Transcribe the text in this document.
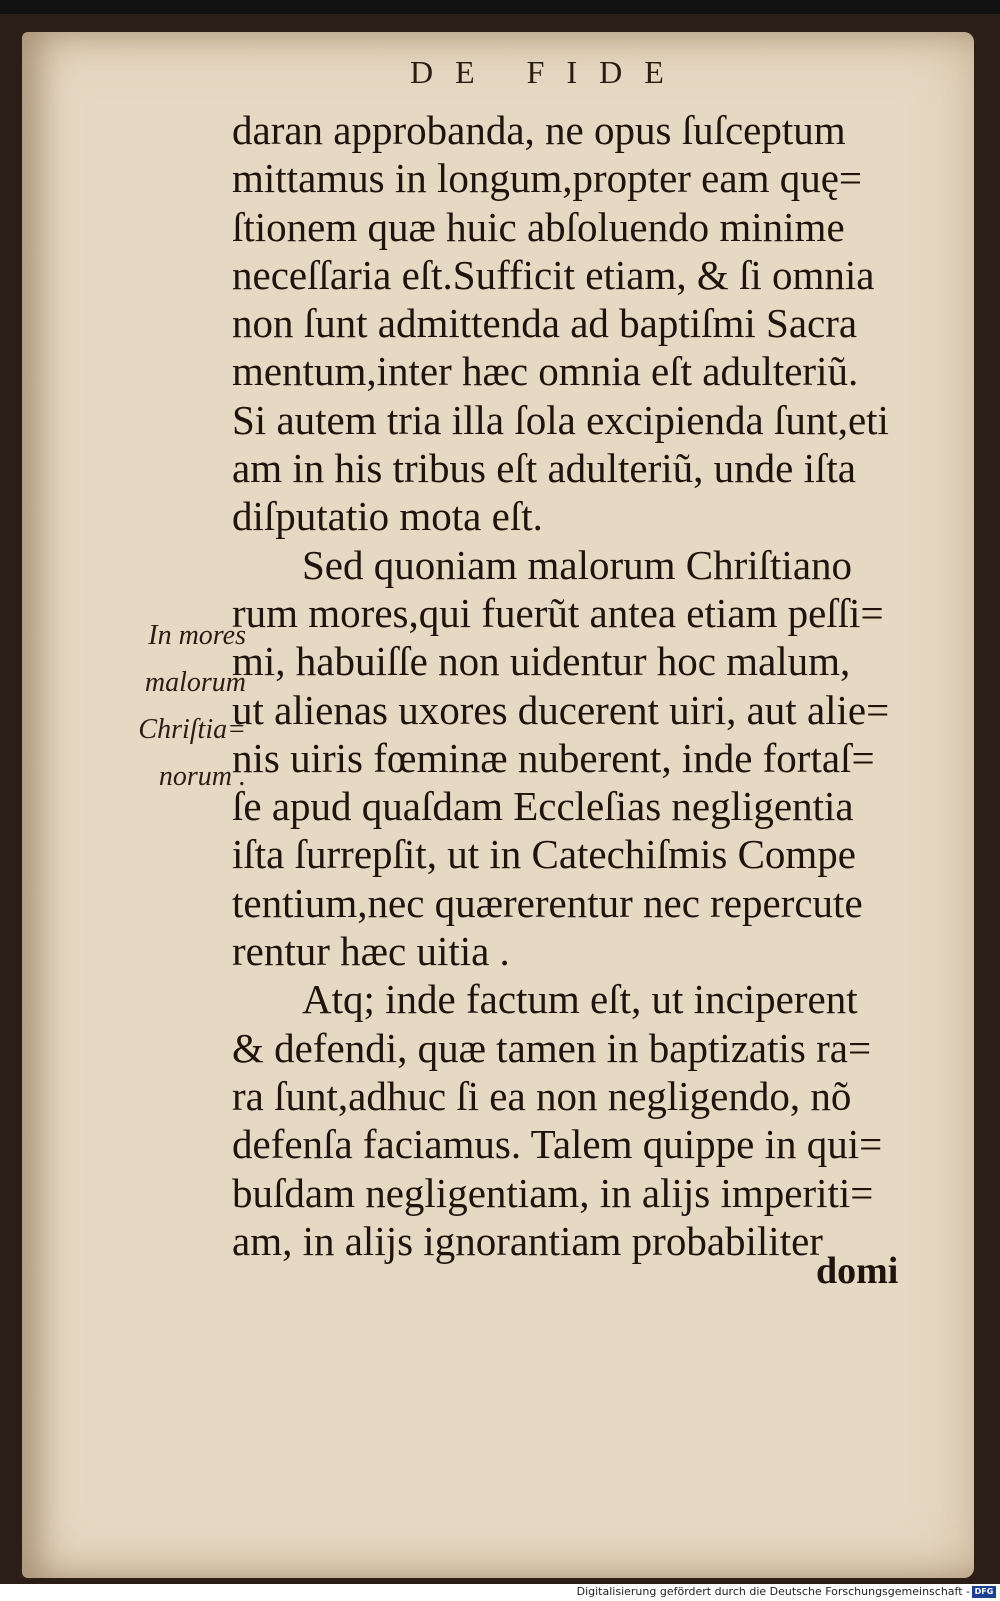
DE FIDE
daran approbanda, ne opus ſuſceptum
mittamus in longum,propter eam quę=
ſtionem quæ huic abſoluendo minime
neceſſaria eſt.Sufficit etiam, & ſi omnia
non ſunt admittenda ad baptiſmi Sacra
mentum,inter hæc omnia eſt adulteriũ.
Si autem tria illa ſola excipienda ſunt,eti
am in his tribus eſt adulteriũ, unde iſta
diſputatio mota eſt.
Sed quoniam malorum Chriſtiano
rum mores,qui fuerũt antea etiam peſſi=
mi, habuiſſe non uidentur hoc malum,
ut alienas uxores ducerent uiri, aut alie=
nis uiris fœminæ nuberent, inde fortaſ=
ſe apud quaſdam Eccleſias negligentia
iſta ſurrepſit, ut in Catechiſmis Compe
tentium,nec quærerentur nec repercute
rentur hæc uitia .
Atq; inde factum eſt, ut inciperent
& defendi, quæ tamen in baptizatis ra=
ra ſunt,adhuc ſi ea non negligendo, nõ
defenſa faciamus. Talem quippe in qui=
buſdam negligentiam, in alijs imperiti=
am, in alijs ignorantiam probabiliter
domi
In mores
malorum
Chriſtia=
norum .
Digitalisierung gefördert durch die Deutsche Forschungsgemeinschaft - DFG
